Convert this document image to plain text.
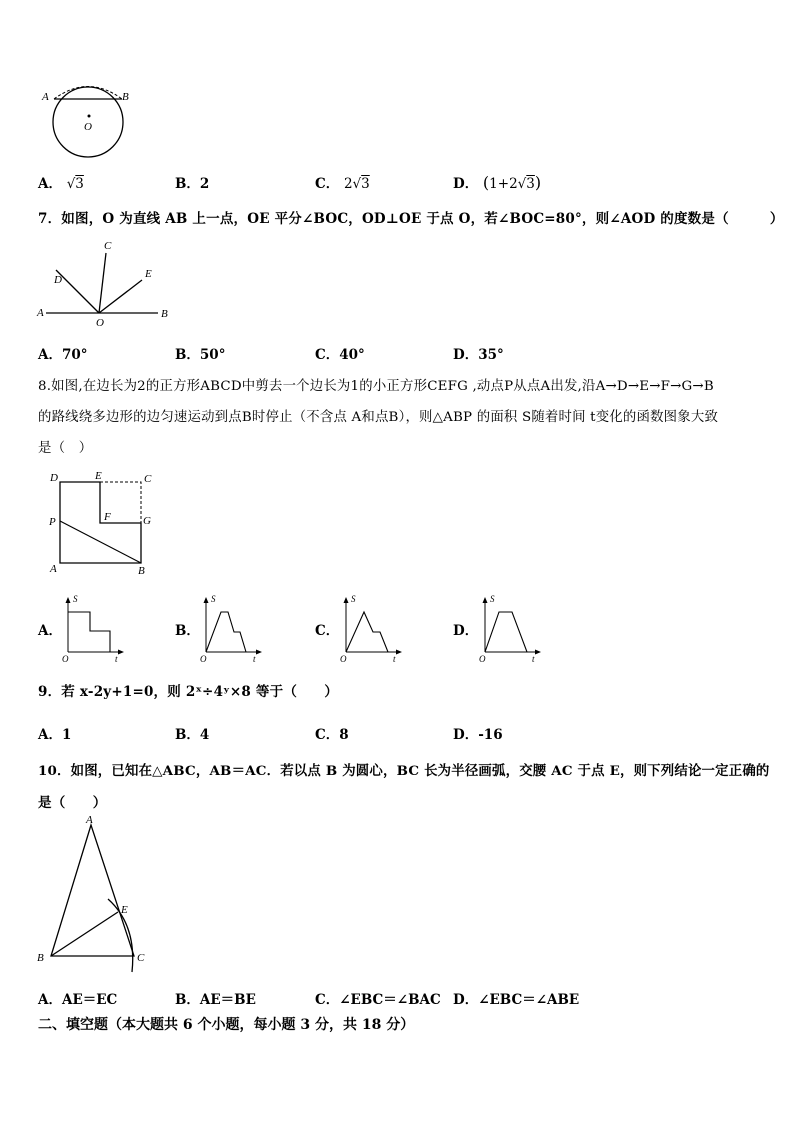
A	B
O
A． √3	B．2	C． 2√3	D． (1+2√3)
7．如图，O 为直线 AB 上一点，OE 平分∠BOC，OD⊥OE 于点 O，若∠BOC=80°，则∠AOD 的度数是（　　　）
A	B
C
D	E
O
A．70°	B．50°	C．40°	D．35°
8.如图,在边长为2的正方形ABCD中剪去一个边长为1的小正方形CEFG ,动点P从点A出发,沿A→D→E→F→G→B
的路线绕多边形的边匀速运动到点B时停止（不含点 A和点B），则△ABP 的面积 S随着时间 t变化的函数图象大致
是（　）
D	E	C
P	F	G
A	B
A．
S
t
O
B．
S
t
O
C．
S
t
O
D．
S
t
O
9．若 x-2y+1=0，则 2ˣ÷4ʸ×8 等于（　　）
A．1	B．4	C．8	D．-16
10．如图，已知在△ABC，AB＝AC．若以点 B 为圆心，BC 长为半径画弧，交腰 AC 于点 E，则下列结论一定正确的
是（　　）
A
B	C
E
A．AE＝EC	B．AE＝BE	C．∠EBC＝∠BAC D．∠EBC＝∠ABE
二、填空题（本大题共 6 个小题，每小题 3 分，共 18 分）
